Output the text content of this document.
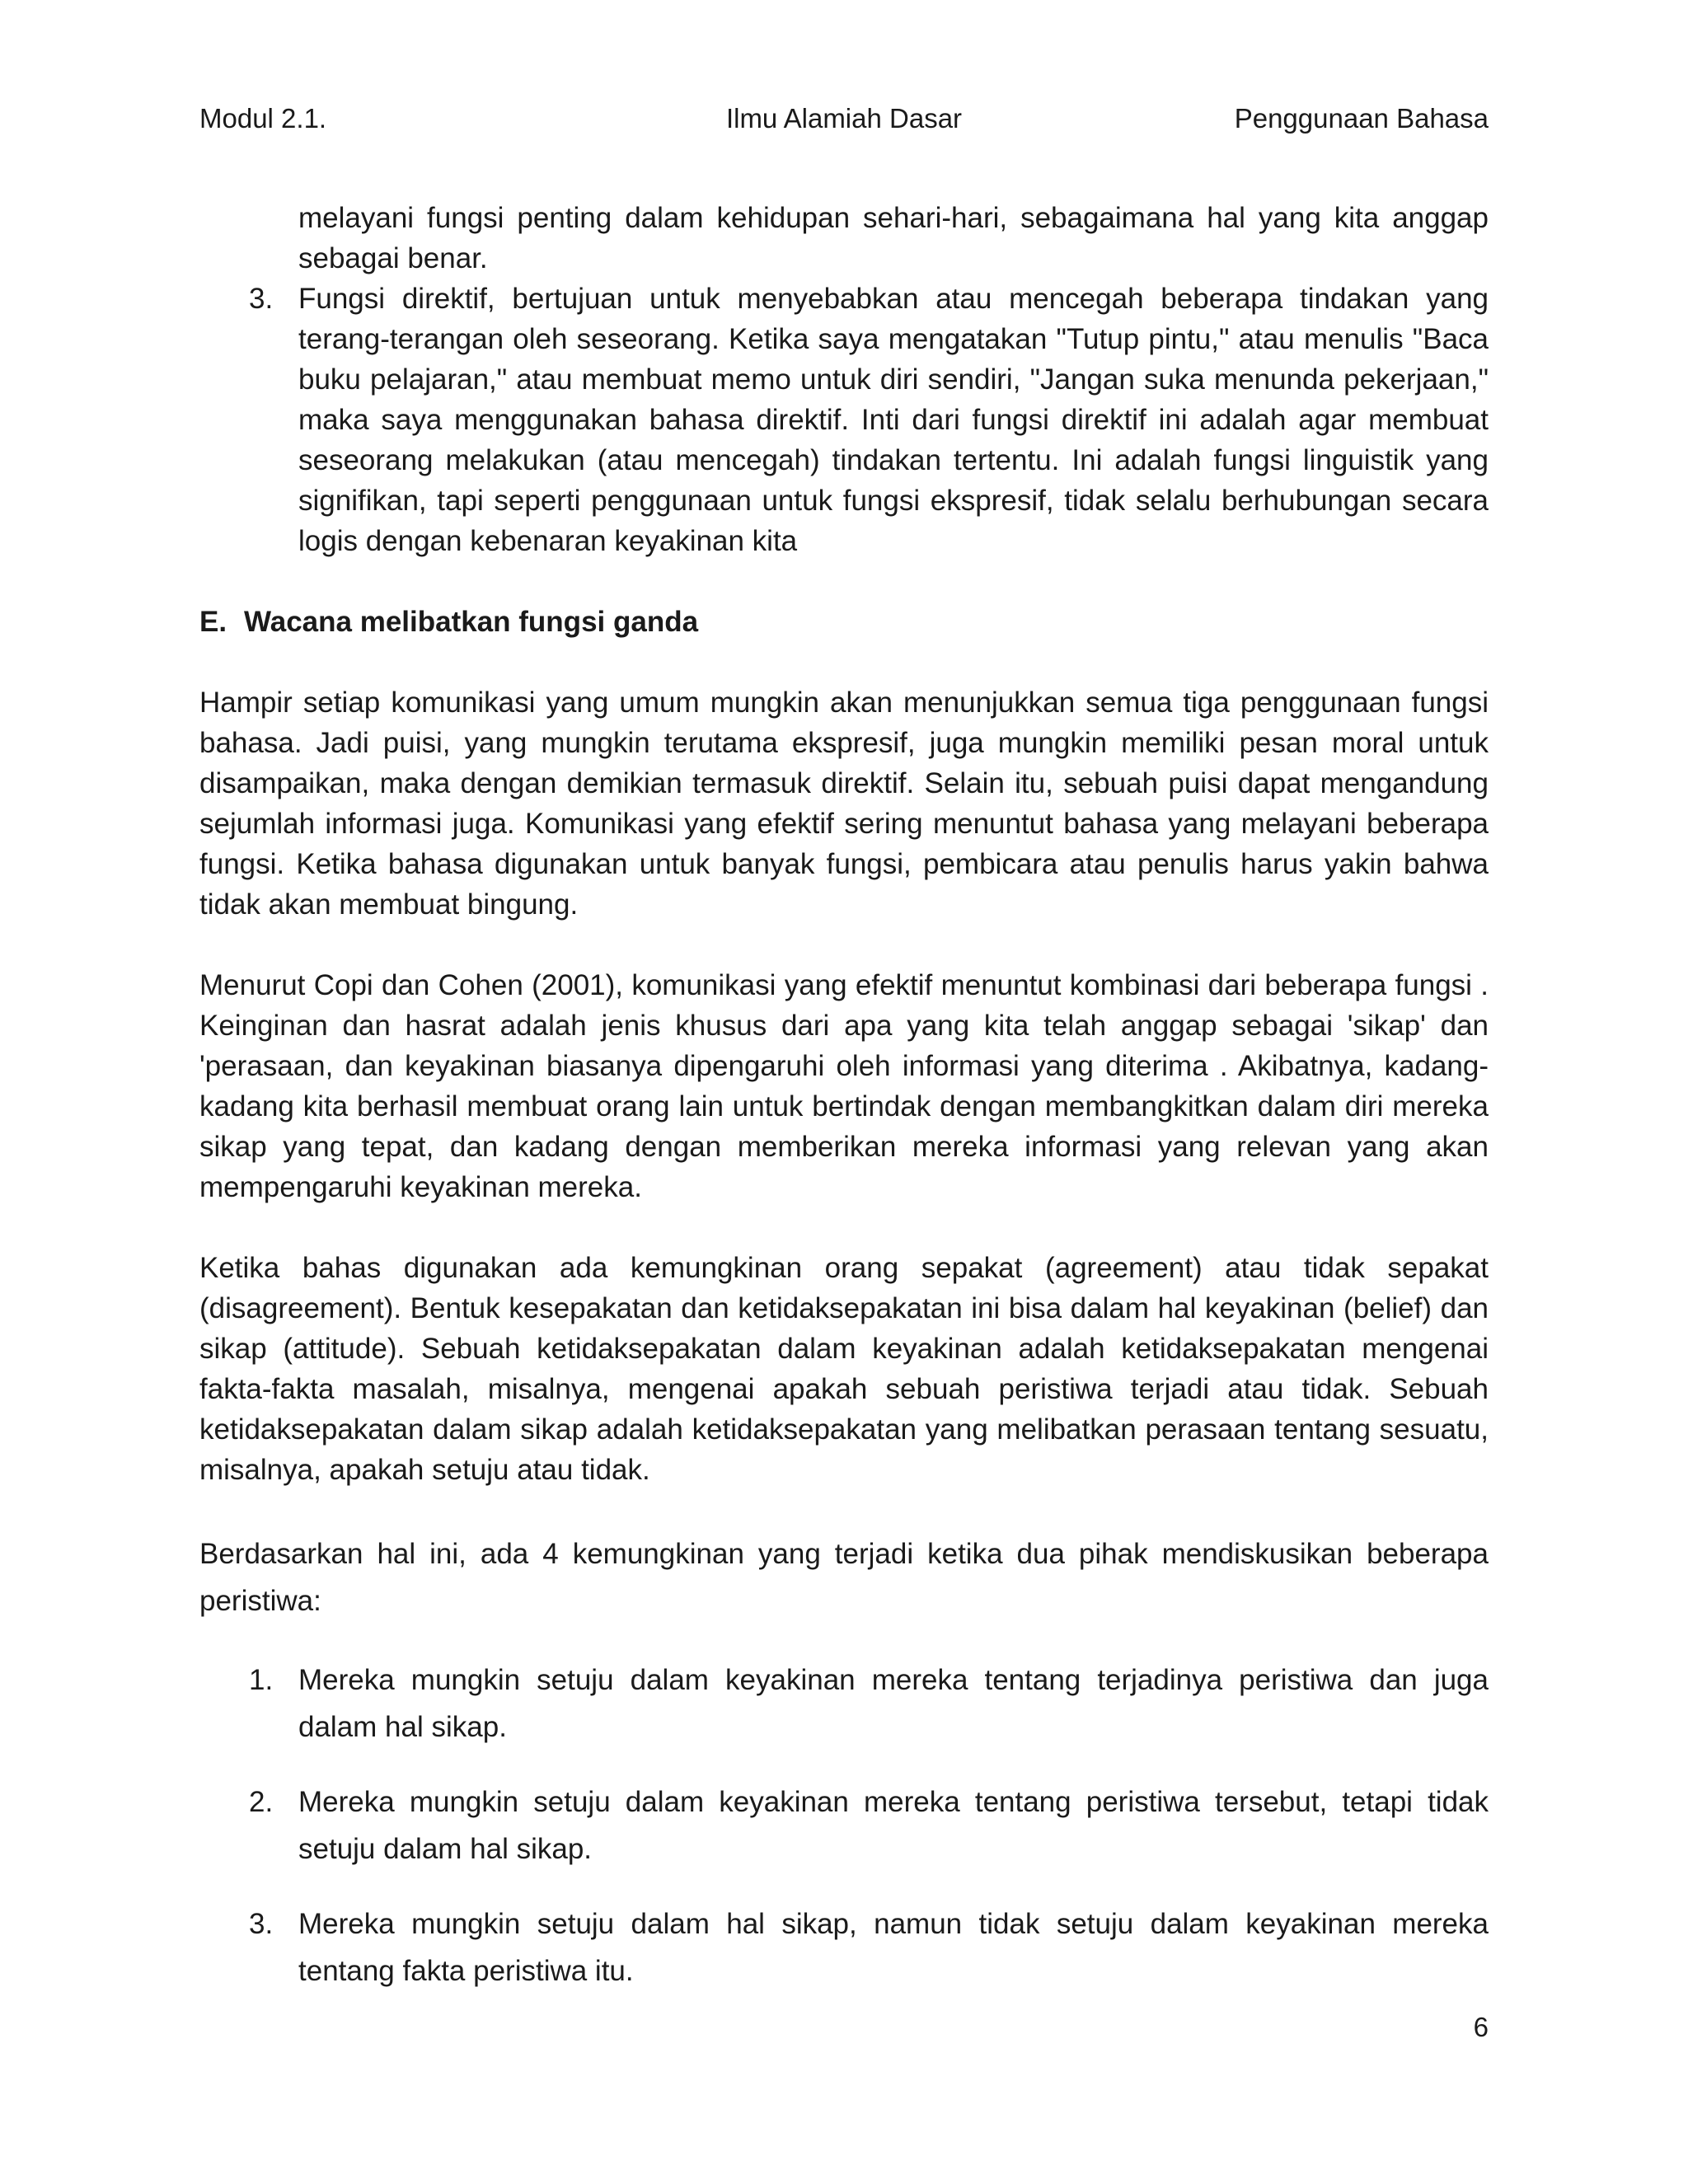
Modul 2.1.	Ilmu Alamiah Dasar	Penggunaan Bahasa

melayani fungsi penting dalam kehidupan sehari-hari, sebagaimana hal yang kita anggap sebagai benar.

3. Fungsi direktif, bertujuan untuk menyebabkan atau mencegah beberapa tindakan yang terang-terangan oleh seseorang. Ketika saya mengatakan "Tutup pintu," atau menulis "Baca buku pelajaran," atau membuat memo untuk diri sendiri, "Jangan suka menunda pekerjaan," maka saya menggunakan bahasa direktif. Inti dari fungsi direktif ini adalah agar membuat seseorang melakukan (atau mencegah) tindakan tertentu. Ini adalah fungsi linguistik yang signifikan, tapi seperti penggunaan untuk fungsi ekspresif, tidak selalu berhubungan secara logis dengan kebenaran keyakinan kita
E. Wacana melibatkan fungsi ganda

Hampir setiap komunikasi yang umum mungkin akan menunjukkan semua tiga penggunaan fungsi bahasa. Jadi puisi, yang mungkin terutama ekspresif, juga mungkin memiliki pesan moral untuk disampaikan, maka dengan demikian termasuk direktif. Selain itu, sebuah puisi dapat mengandung sejumlah informasi juga. Komunikasi yang efektif sering menuntut bahasa yang melayani beberapa fungsi. Ketika bahasa digunakan untuk banyak fungsi, pembicara atau penulis harus yakin bahwa tidak akan membuat bingung.

Menurut Copi dan Cohen (2001), komunikasi yang efektif menuntut kombinasi dari beberapa fungsi . Keinginan dan hasrat adalah jenis khusus dari apa yang kita telah anggap sebagai 'sikap' dan 'perasaan, dan keyakinan biasanya dipengaruhi oleh informasi yang diterima . Akibatnya, kadang-kadang kita berhasil membuat orang lain untuk bertindak dengan membangkitkan dalam diri mereka sikap yang tepat, dan kadang dengan memberikan mereka informasi yang relevan yang akan mempengaruhi keyakinan mereka.

Ketika bahas digunakan ada kemungkinan orang sepakat (agreement) atau tidak sepakat (disagreement). Bentuk kesepakatan dan ketidaksepakatan ini bisa dalam hal keyakinan (belief) dan sikap (attitude). Sebuah ketidaksepakatan dalam keyakinan adalah ketidaksepakatan mengenai fakta-fakta masalah, misalnya, mengenai apakah sebuah peristiwa terjadi atau tidak. Sebuah ketidaksepakatan dalam sikap adalah ketidaksepakatan yang melibatkan perasaan tentang sesuatu, misalnya, apakah setuju atau tidak.

Berdasarkan hal ini, ada 4 kemungkinan yang terjadi ketika dua pihak mendiskusikan beberapa peristiwa:

1. Mereka mungkin setuju dalam keyakinan mereka tentang terjadinya peristiwa dan juga dalam hal sikap.
2. Mereka mungkin setuju dalam keyakinan mereka tentang peristiwa tersebut, tetapi tidak setuju dalam hal sikap.
3. Mereka mungkin setuju dalam hal sikap, namun tidak setuju dalam keyakinan mereka tentang fakta peristiwa itu.
6
